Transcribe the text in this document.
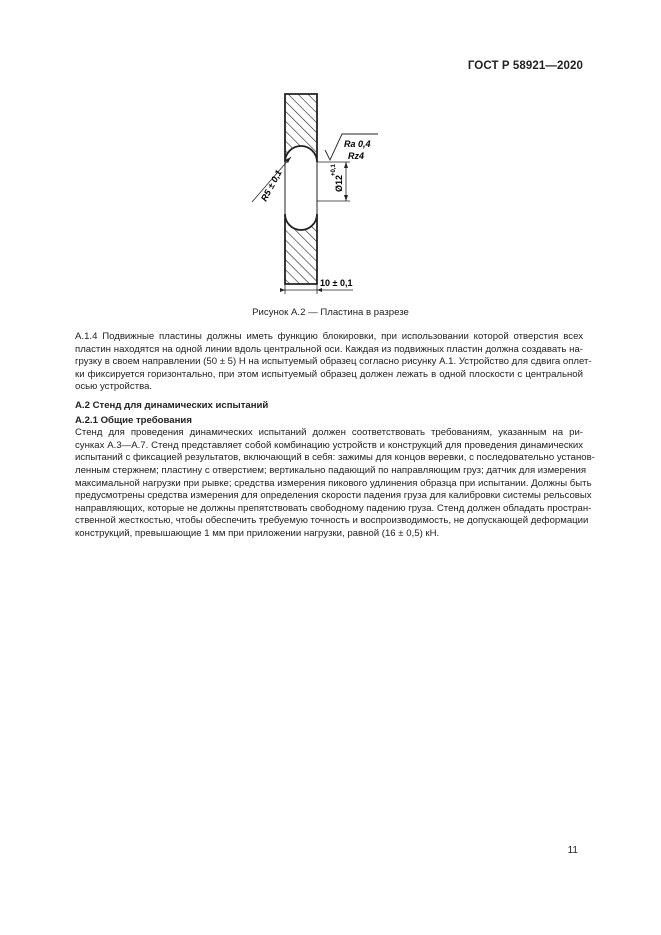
ГОСТ Р 58921—2020
10 ± 0,1
Ø12
+0,1
Ra 0,4
Rz4
R5 ± 0,1
Рисунок А.2 — Пластина в разрезе
А.1.4 Подвижные пластины должны иметь функцию блокировки, при использовании которой отверстия всех
пластин находятся на одной линии вдоль центральной оси. Каждая из подвижных пластин должна создавать на-
грузку в своем направлении (50 ± 5) Н на испытуемый образец согласно рисунку А.1. Устройство для сдвига оплет-
ки фиксируется горизонтально, при этом испытуемый образец должен лежать в одной плоскости с центральной
осью устройства.
А.2 Стенд для динамических испытаний
А.2.1 Общие требования
Стенд для проведения динамических испытаний должен соответствовать требованиям, указанным на ри-
сунках А.3—А.7. Стенд представляет собой комбинацию устройств и конструкций для проведения динамических
испытаний с фиксацией результатов, включающий в себя: зажимы для концов веревки, с последовательно установ-
ленным стержнем; пластину с отверстием; вертикально падающий по направляющим груз; датчик для измерения
максимальной нагрузки при рывке; средства измерения пикового удлинения образца при испытании. Должны быть
предусмотрены средства измерения для определения скорости падения груза для калибровки системы рельсовых
направляющих, которые не должны препятствовать свободному падению груза. Стенд должен обладать простран-
ственной жесткостью, чтобы обеспечить требуемую точность и воспроизводимость, не допускающей деформации
конструкций, превышающие 1 мм при приложении нагрузки, равной (16 ± 0,5) кН.
11
